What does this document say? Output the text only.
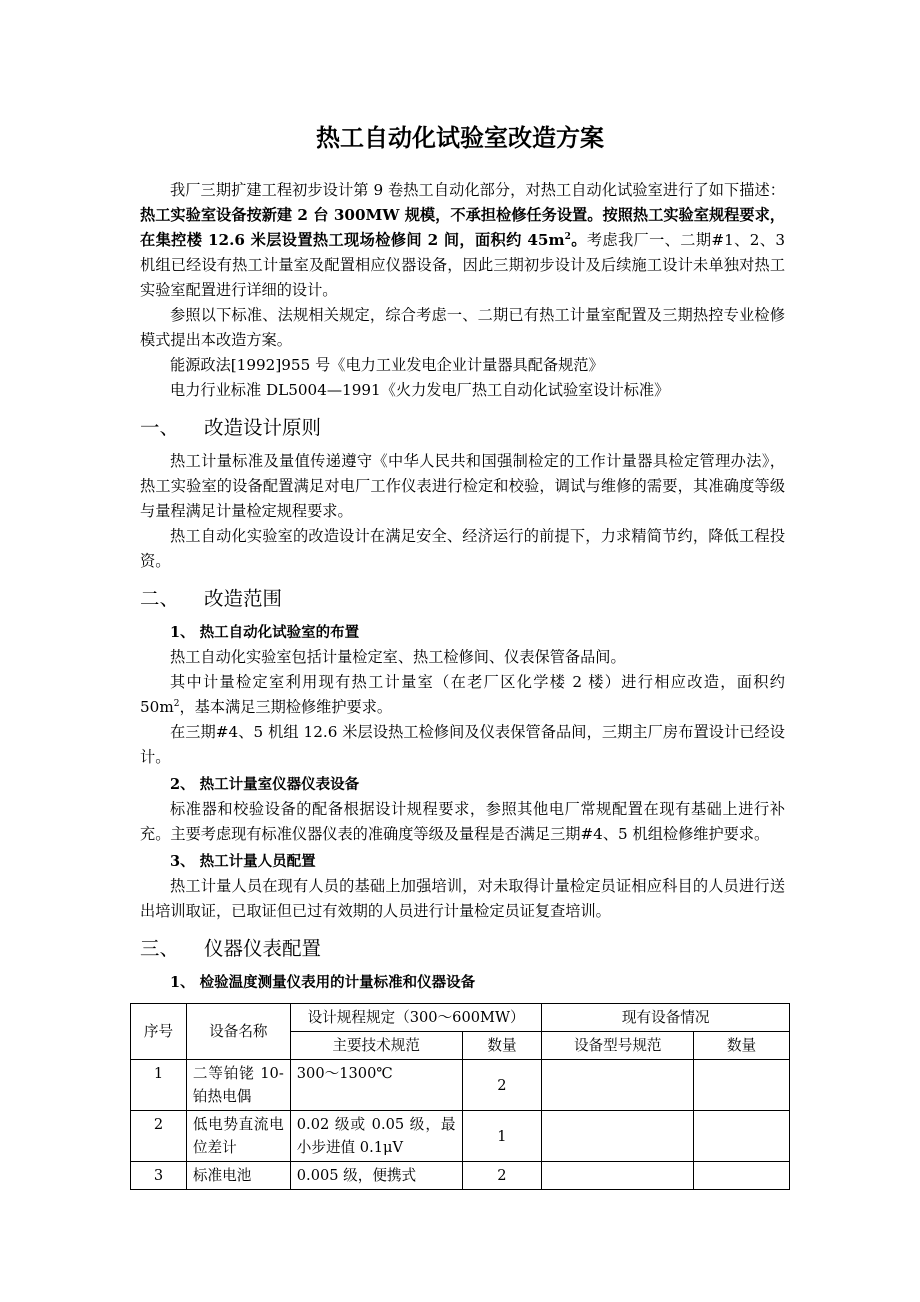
热工自动化试验室改造方案

我厂三期扩建工程初步设计第 9 卷热工自动化部分，对热工自动化试验室进行了如下描述：热工实验室设备按新建 2 台 300MW 规模，不承担检修任务设置。按照热工实验室规程要求，在集控楼 12.6 米层设置热工现场检修间 2 间，面积约 $45m^2$。考虑我厂一、二期#1、2、3 机组已经设有热工计量室及配置相应仪器设备，因此三期初步设计及后续施工设计未单独对热工实验室配置进行详细的设计。

参照以下标准、法规相关规定，综合考虑一、二期已有热工计量室配置及三期热控专业检修模式提出本改造方案。

能源政法[1992]955 号《电力工业发电企业计量器具配备规范》

电力行业标准 DL5004—1991《火力发电厂热工自动化试验室设计标准》

一、	改造设计原则

热工计量标准及量值传递遵守《中华人民共和国强制检定的工作计量器具检定管理办法》，热工实验室的设备配置满足对电厂工作仪表进行检定和校验，调试与维修的需要，其准确度等级与量程满足计量检定规程要求。

热工自动化实验室的改造设计在满足安全、经济运行的前提下，力求精简节约，降低工程投资。

二、	改造范围
1、 热工自动化试验室的布置

热工自动化实验室包括计量检定室、热工检修间、仪表保管备品间。

其中计量检定室利用现有热工计量室（在老厂区化学楼 2 楼）进行相应改造，面积约 $50m^2$，基本满足三期检修维护要求。

在三期#4、5 机组 12.6 米层设热工检修间及仪表保管备品间，三期主厂房布置设计已经设计。

2、 热工计量室仪器仪表设备

标准器和校验设备的配备根据设计规程要求，参照其他电厂常规配置在现有基础上进行补充。主要考虑现有标准仪器仪表的准确度等级及量程是否满足三期#4、5 机组检修维护要求。

3、 热工计量人员配置

热工计量人员在现有人员的基础上加强培训，对未取得计量检定员证相应科目的人员进行送出培训取证，已取证但已过有效期的人员进行计量检定员证复查培训。

三、	仪器仪表配置
1、 检验温度测量仪表用的计量标准和仪器设备
序号	设备名称	设计规程规定（300～600MW）		现有设备情况	
		主要技术规范	数量	设备型号规范	数量
1	二等铂铑 10-铂热电偶	300～1300℃	2		
2	低电势直流电位差计	0.02 级或 0.05 级，最小步进值 0.1μV	1		
3	标准电池	0.005 级，便携式	2		
